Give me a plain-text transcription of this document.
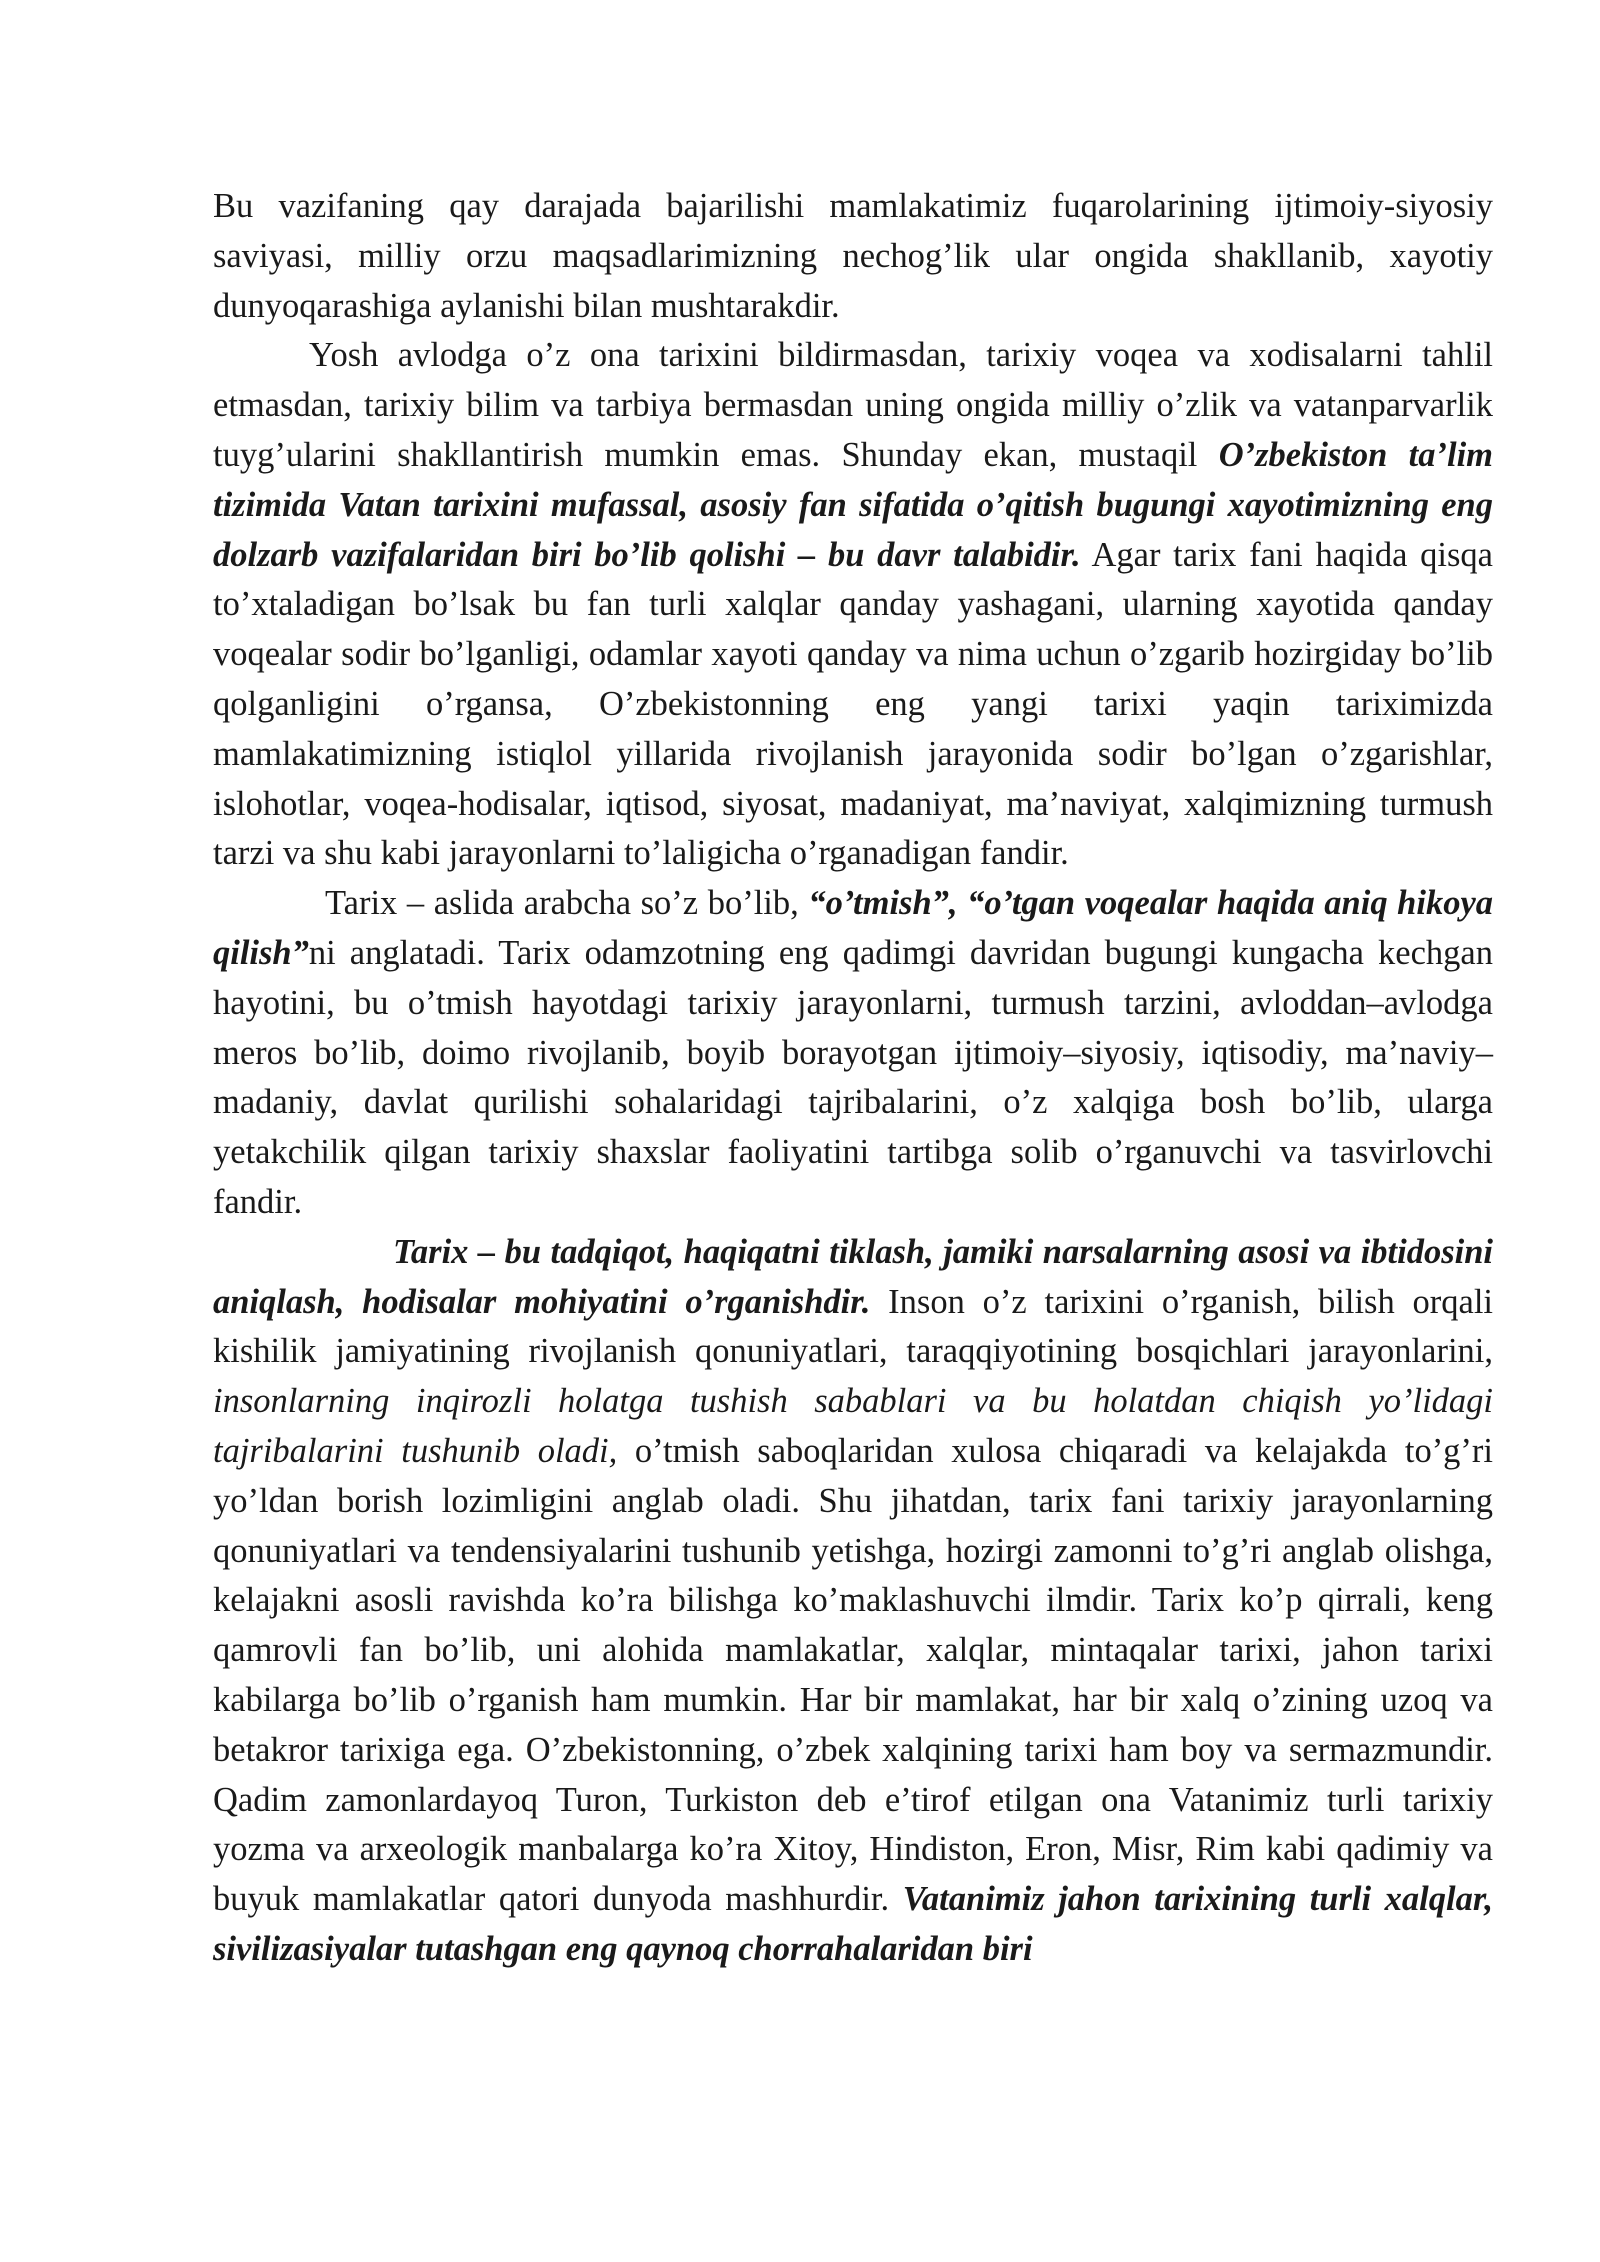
Bu vazifaning qay darajada bajarilishi mamlakatimiz fuqarolarining ijtimoiy-siyosiy saviyasi, milliy orzu maqsadlarimizning nechog’lik ular ongida shakllanib, xayotiy dunyoqarashiga aylanishi bilan mushtarakdir.

Yosh avlodga o’z ona tarixini bildirmasdan, tarixiy voqea va xodisalarni tahlil etmasdan, tarixiy bilim va tarbiya bermasdan uning ongida milliy o’zlik va vatanparvarlik tuyg’ularini shakllantirish mumkin emas. Shunday ekan, mustaqil O’zbekiston ta’lim tizimida Vatan tarixini mufassal, asosiy fan sifatida o’qitish bugungi xayotimizning eng dolzarb vazifalaridan biri bo’lib qolishi – bu davr talabidir. Agar tarix fani haqida qisqa to’xtaladigan bo’lsak bu fan turli xalqlar qanday yashagani, ularning xayotida qanday voqealar sodir bo’lganligi, odamlar xayoti qanday va nima uchun o’zgarib hozirgiday bo’lib qolganligini o’rgansa, O’zbekistonning eng yangi tarixi yaqin tariximizda mamlakatimizning istiqlol yillarida rivojlanish jarayonida sodir bo’lgan o’zgarishlar, islohotlar, voqea-hodisalar, iqtisod, siyosat, madaniyat, ma’naviyat, xalqimizning turmush tarzi va shu kabi jarayonlarni to’laligicha o’rganadigan fandir.

Tarix – aslida arabcha so’z bo’lib, “o’tmish”, “o’tgan voqealar haqida aniq hikoya qilish”ni anglatadi. Tarix odamzotning eng qadimgi davridan bugungi kungacha kechgan hayotini, bu o’tmish hayotdagi tarixiy jarayonlarni, turmush tarzini, avloddan–avlodga meros bo’lib, doimo rivojlanib, boyib borayotgan ijtimoiy–siyosiy, iqtisodiy, ma’naviy–madaniy, davlat qurilishi sohalaridagi tajribalarini, o’z xalqiga bosh bo’lib, ularga yetakchilik qilgan tarixiy shaxslar faoliyatini tartibga solib o’rganuvchi va tasvirlovchi fandir.

Tarix – bu tadqiqot, haqiqatni tiklash, jamiki narsalarning asosi va ibtidosini aniqlash, hodisalar mohiyatini o’rganishdir. Inson o’z tarixini o’rganish, bilish orqali kishilik jamiyatining rivojlanish qonuniyatlari, taraqqiyotining bosqichlari jarayonlarini, insonlarning inqirozli holatga tushish sabablari va bu holatdan chiqish yo’lidagi tajribalarini tushunib oladi, o’tmish saboqlaridan xulosa chiqaradi va kelajakda to’g’ri yo’ldan borish lozimligini anglab oladi. Shu jihatdan, tarix fani tarixiy jarayonlarning qonuniyatlari va tendensiyalarini tushunib yetishga, hozirgi zamonni to’g’ri anglab olishga, kelajakni asosli ravishda ko’ra bilishga ko’maklashuvchi ilmdir. Tarix ko’p qirrali, keng qamrovli fan bo’lib, uni alohida mamlakatlar, xalqlar, mintaqalar tarixi, jahon tarixi kabilarga bo’lib o’rganish ham mumkin. Har bir mamlakat, har bir xalq o’zining uzoq va betakror tarixiga ega. O’zbekistonning, o’zbek xalqining tarixi ham boy va sermazmundir. Qadim zamonlardayoq Turon, Turkiston deb e’tirof etilgan ona Vatanimiz turli tarixiy yozma va arxeologik manbalarga ko’ra Xitoy, Hindiston, Eron, Misr, Rim kabi qadimiy va buyuk mamlakatlar qatori dunyoda mashhurdir. Vatanimiz jahon tarixining turli xalqlar, sivilizasiyalar tutashgan eng qaynoq chorrahalaridan biri
